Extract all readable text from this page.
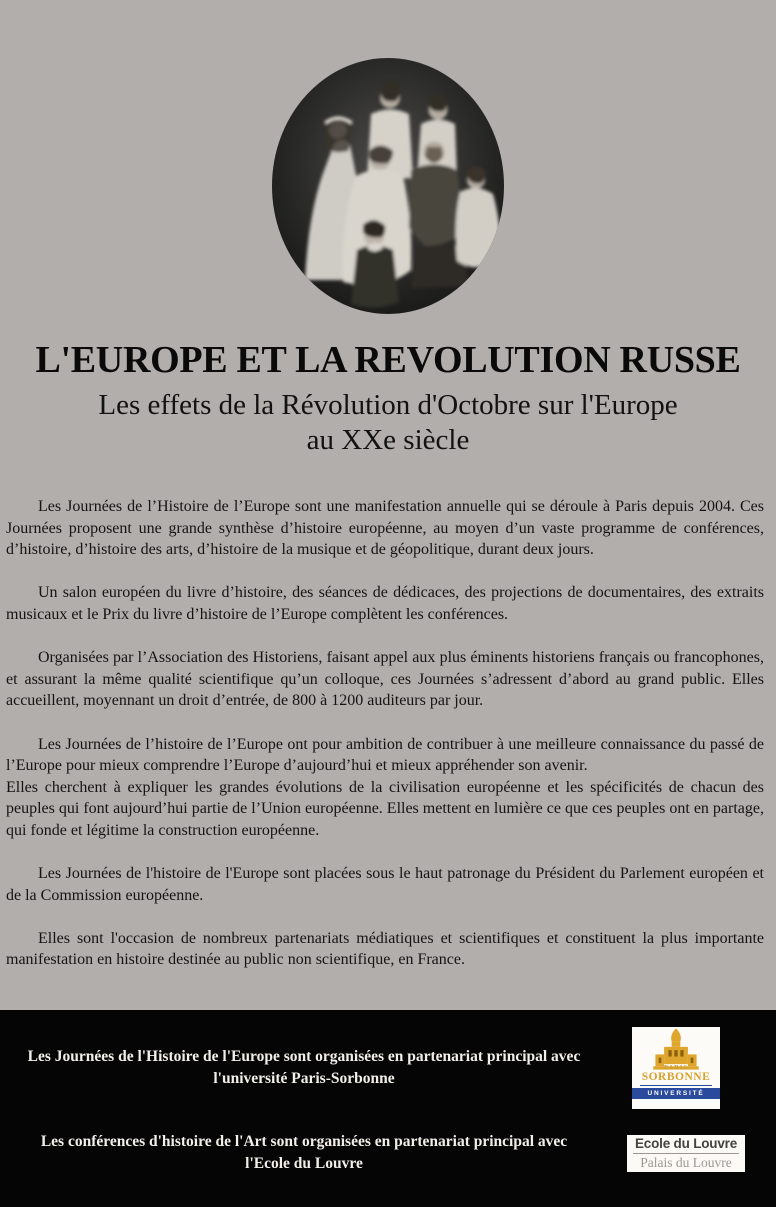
L'EUROPE ET LA REVOLUTION RUSSE
Les effets de la Révolution d'Octobre sur l'Europe
au XXe siècle

Les Journées de l’Histoire de l’Europe sont une manifestation annuelle qui se déroule à Paris depuis 2004. Ces Journées proposent une grande synthèse d’histoire européenne, au moyen d’un vaste programme de conférences, d’histoire, d’histoire des arts, d’histoire de la musique et de géopolitique, durant deux jours.

Un salon européen du livre d’histoire, des séances de dédicaces, des projections de documentaires, des extraits musicaux et le Prix du livre d’histoire de l’Europe complètent les conférences.

Organisées par l’Association des Historiens, faisant appel aux plus éminents historiens français ou francophones, et assurant la même qualité scientifique qu’un colloque, ces Journées s’adressent d’abord au grand public. Elles accueillent, moyennant un droit d’entrée, de 800 à 1200 auditeurs par jour.

Les Journées de l’histoire de l’Europe ont pour ambition de contribuer à une meilleure connaissance du passé de l’Europe pour mieux comprendre l’Europe d’aujourd’hui et mieux appréhender son avenir.

Elles cherchent à expliquer les grandes évolutions de la civilisation européenne et les spécificités de chacun des peuples qui font aujourd’hui partie de l’Union européenne. Elles mettent en lumière ce que ces peuples ont en partage, qui fonde et légitime la construction européenne.

Les Journées de l'histoire de l'Europe sont placées sous le haut patronage du Président du Parlement européen et de la Commission européenne.

Elles sont l'occasion de nombreux partenariats médiatiques et scientifiques et constituent la plus importante manifestation en histoire destinée au public non scientifique, en France.

Les Journées de l'Histoire de l'Europe sont organisées en partenariat principal avec
l'université Paris-Sorbonne
PARIS
SORBONNE
UNIVERSITÉ
Les conférences d'histoire de l'Art sont organisées en partenariat principal avec
l'Ecole du Louvre
Ecole du Louvre
Palais du Louvre
